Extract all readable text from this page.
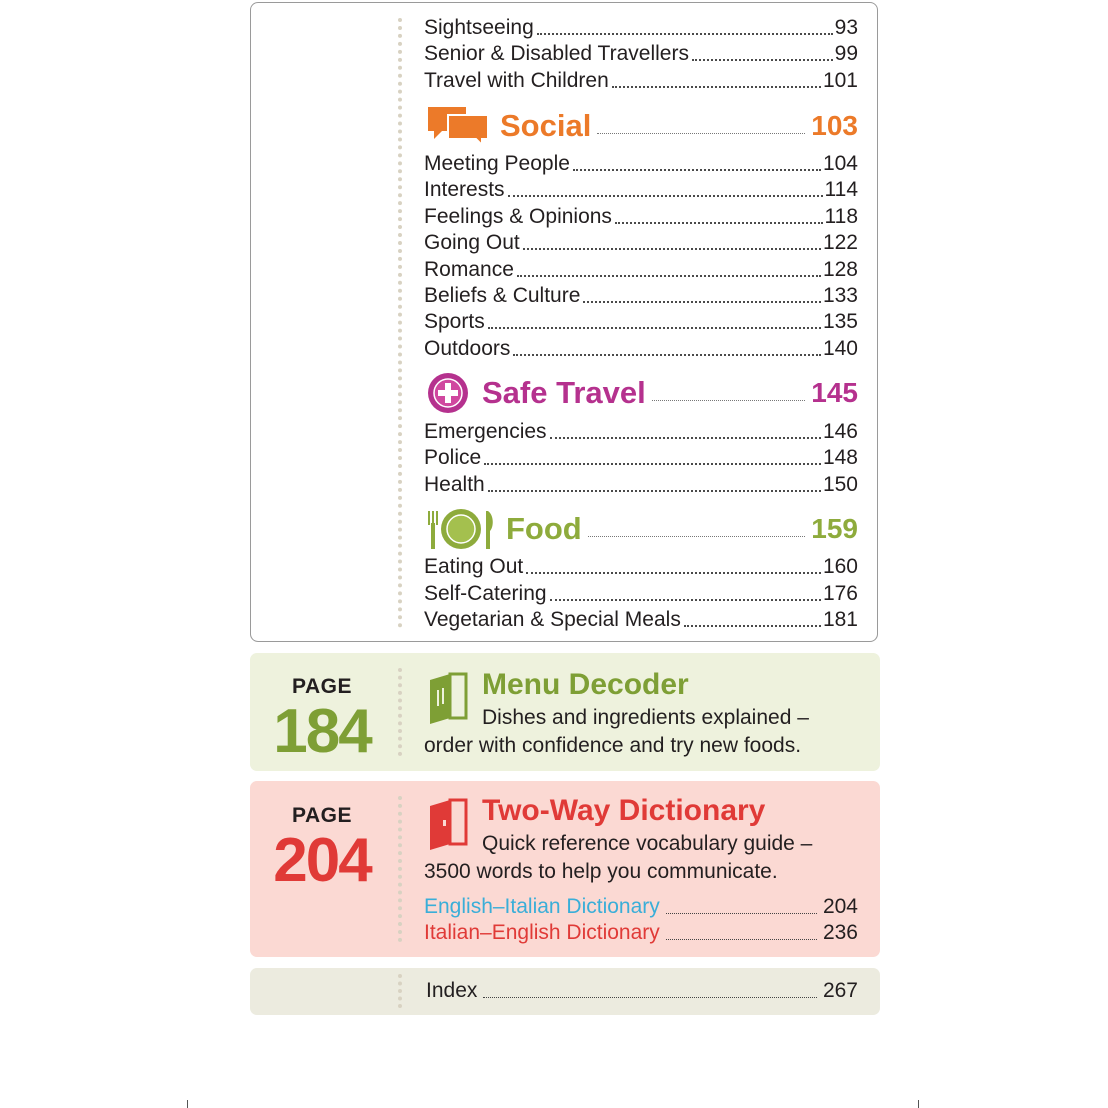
Sightseeing	93
Senior & Disabled Travellers	99
Travel with Children	101
Social	103
Meeting People	104
Interests	114
Feelings & Opinions	118
Going Out	122
Romance	128
Beliefs & Culture	133
Sports	135
Outdoors	140
Safe Travel	145
Emergencies	146
Police	148
Health	150
Food	159
Eating Out	160
Self-Catering	176
Vegetarian & Special Meals	181
PAGE
184
Menu Decoder
Dishes and ingredients explained –
order with confidence and try new foods.
PAGE
204
Two-Way Dictionary
Quick reference vocabulary guide –
3500 words to help you communicate.
English–Italian Dictionary	204
Italian–English Dictionary	236
Index	267
